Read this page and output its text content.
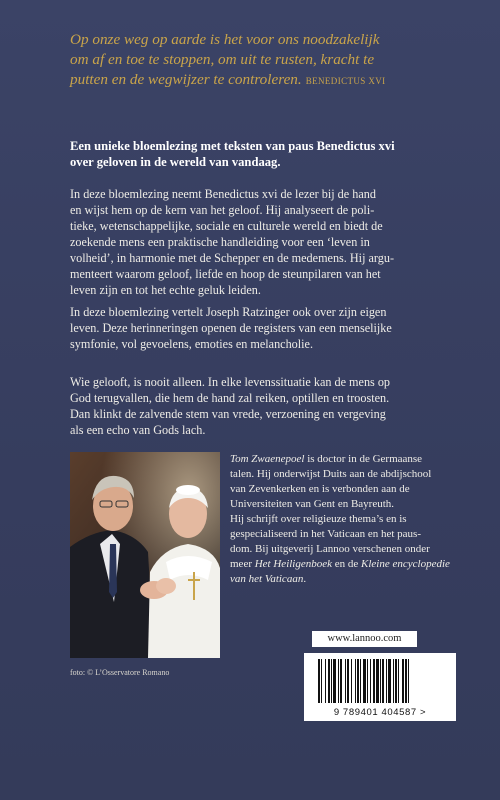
Op onze weg op aarde is het voor ons noodzakelijk
om af en toe te stoppen, om uit te rusten, kracht te
putten en de wegwijzer te controleren. BENEDICTUS XVI
Een unieke bloemlezing met teksten van paus Benedictus xvi
over geloven in de wereld van vandaag.
In deze bloemlezing neemt Benedictus xvi de lezer bij de hand
en wijst hem op de kern van het geloof. Hij analyseert de poli-
tieke, wetenschappelijke, sociale en culturele wereld en biedt de
zoekende mens een praktische handleiding voor een ‘leven in
volheid’, in harmonie met de Schepper en de medemens. Hij argu-
menteert waarom geloof, liefde en hoop de steunpilaren van het
leven zijn en tot het echte geluk leiden.
In deze bloemlezing vertelt Joseph Ratzinger ook over zijn eigen
leven. Deze herinneringen openen de registers van een menselijke
symfonie, vol gevoelens, emoties en melancholie.
Wie gelooft, is nooit alleen. In elke levenssituatie kan de mens op
God terugvallen, die hem de hand zal reiken, optillen en troosten.
Dan klinkt de zalvende stem van vrede, verzoening en vergeving
als een echo van Gods lach.
foto: © L’Osservatore Romano
Tom Zwaenepoel is doctor in de Germaanse
talen. Hij onderwijst Duits aan de abdijschool
van Zevenkerken en is verbonden aan de
Universiteiten van Gent en Bayreuth.
Hij schrijft over religieuze thema’s en is
gespecialiseerd in het Vaticaan en het paus-
dom. Bij uitgeverij Lannoo verschenen onder
meer Het Heiligenboek en de Kleine encyclopedie
van het Vaticaan.
www.lannoo.com
9 789401 404587 >
